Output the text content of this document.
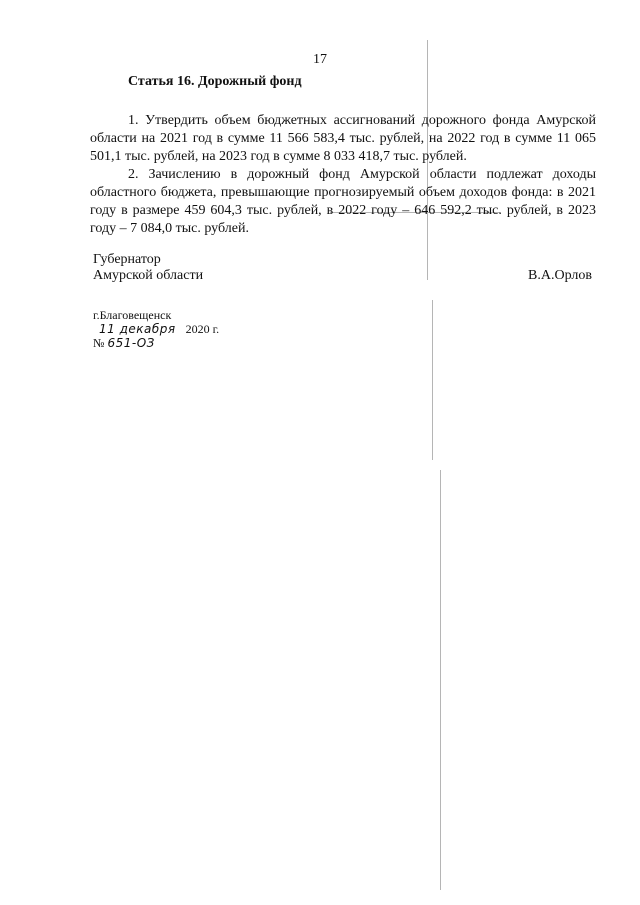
17
Статья 16. Дорожный фонд
1. Утвердить объем бюджетных ассигнований дорожного фонда Амурской области на 2021 год в сумме 11 566 583,4 тыс. рублей, на 2022 год в сумме 11 065 501,1 тыс. рублей, на 2023 год в сумме 8 033 418,7 тыс. рублей.
2. Зачислению в дорожный фонд Амурской области подлежат доходы областного бюджета, превышающие прогнозируемый объем доходов фонда: в 2021 году в размере 459 604,3 тыс. рублей, в 2022 году – 646 592,2 тыс. рублей, в 2023 году – 7 084,0 тыс. рублей.
Губернатор
Амурской области	В.А.Орлов
г.Благовещенск
11 декабря 2020 г.
№ 651-ОЗ
